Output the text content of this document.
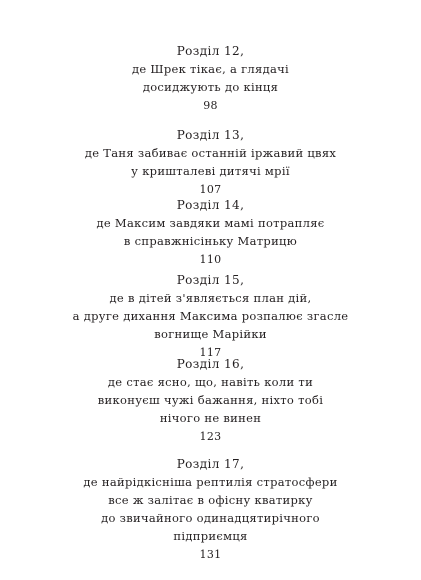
Розділ 12,
де Шрек тікає, а глядачі
досиджують до кінця
98
Розділ 13,
де Таня забиває останній іржавий цвях
у кришталеві дитячі мрії
107
Розділ 14,
де Максим завдяки мамі потрапляє
в справжнісіньку Матрицю
110
Розділ 15,
де в дітей з'являється план дій,
а друге дихання Максима розпалює згасле
вогнище Марійки
117
Розділ 16,
де стає ясно, що, навіть коли ти
виконуєш чужі бажання, ніхто тобі
нічого не винен
123
Розділ 17,
де найрідкісніша рептилія стратосфери
все ж залітає в офісну кватирку
до звичайного одинадцятирічного
підприємця
131
